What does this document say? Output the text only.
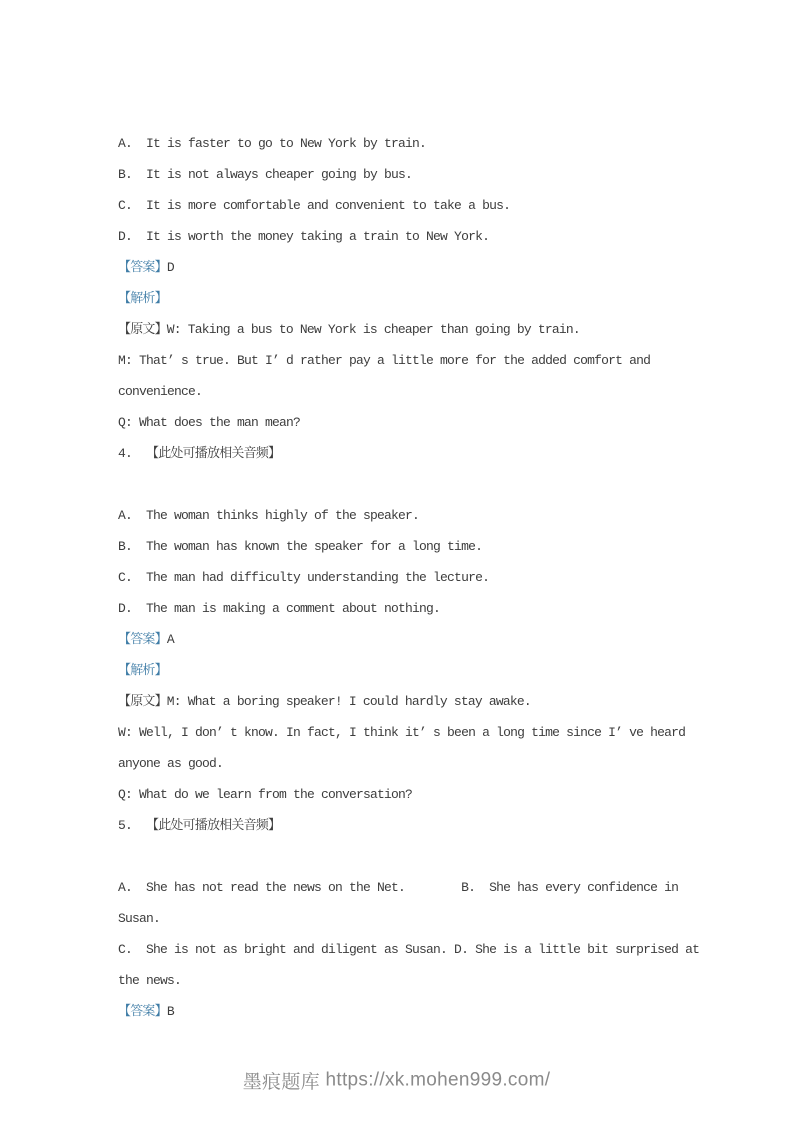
A.  It is faster to go to New York by train.
B.  It is not always cheaper going by bus.
C.  It is more comfortable and convenient to take a bus.
D.  It is worth the money taking a train to New York.
【答案】D
【解析】
【原文】W: Taking a bus to New York is cheaper than going by train.
M: That’ s true. But I’ d rather pay a little more for the added comfort and
convenience.
Q: What does the man mean?
4.  【此处可播放相关音频】
A.  The woman thinks highly of the speaker.
B.  The woman has known the speaker for a long time.
C.  The man had difficulty understanding the lecture.
D.  The man is making a comment about nothing.
【答案】A
【解析】
【原文】M: What a boring speaker! I could hardly stay awake.
W: Well, I don’ t know. In fact, I think it’ s been a long time since I’ ve heard
anyone as good.
Q: What do we learn from the conversation?
5.  【此处可播放相关音频】
A.  She has not read the news on the Net.        B.  She has every confidence in
Susan.
C.  She is not as bright and diligent as Susan. D. She is a little bit surprised at
the news.
【答案】B
墨痕题库 https://xk.mohen999.com/
